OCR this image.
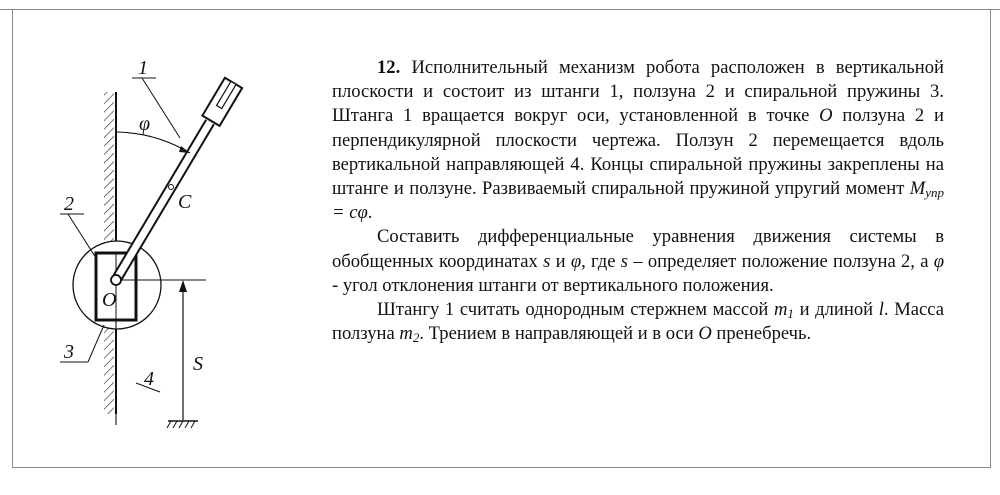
1
2
3
4
φ
C
O
S

12. Исполнительный механизм робота расположен в вертикальной плоскости и состоит из штанги 1, ползуна 2 и спиральной пружины 3. Штанга 1 вращается вокруг оси, установленной в точке O ползуна 2 и перпендикулярной плоскости чертежа. Ползун 2 перемещается вдоль вертикальной направляющей 4. Концы спиральной пружины закреплены на штанге и ползуне. Развиваемый спиральной пружиной упругий момент $M_{упр} = c\varphi$.

Составить дифференциальные уравнения движения системы в обобщенных координатах s и φ, где s – определяет положение ползуна 2, а φ - угол отклонения штанги от вертикального положения.

Штангу 1 считать однородным стержнем массой $m_1$ и длиной l. Масса ползуна $m_2$. Трением в направляющей и в оси O пренебречь.
